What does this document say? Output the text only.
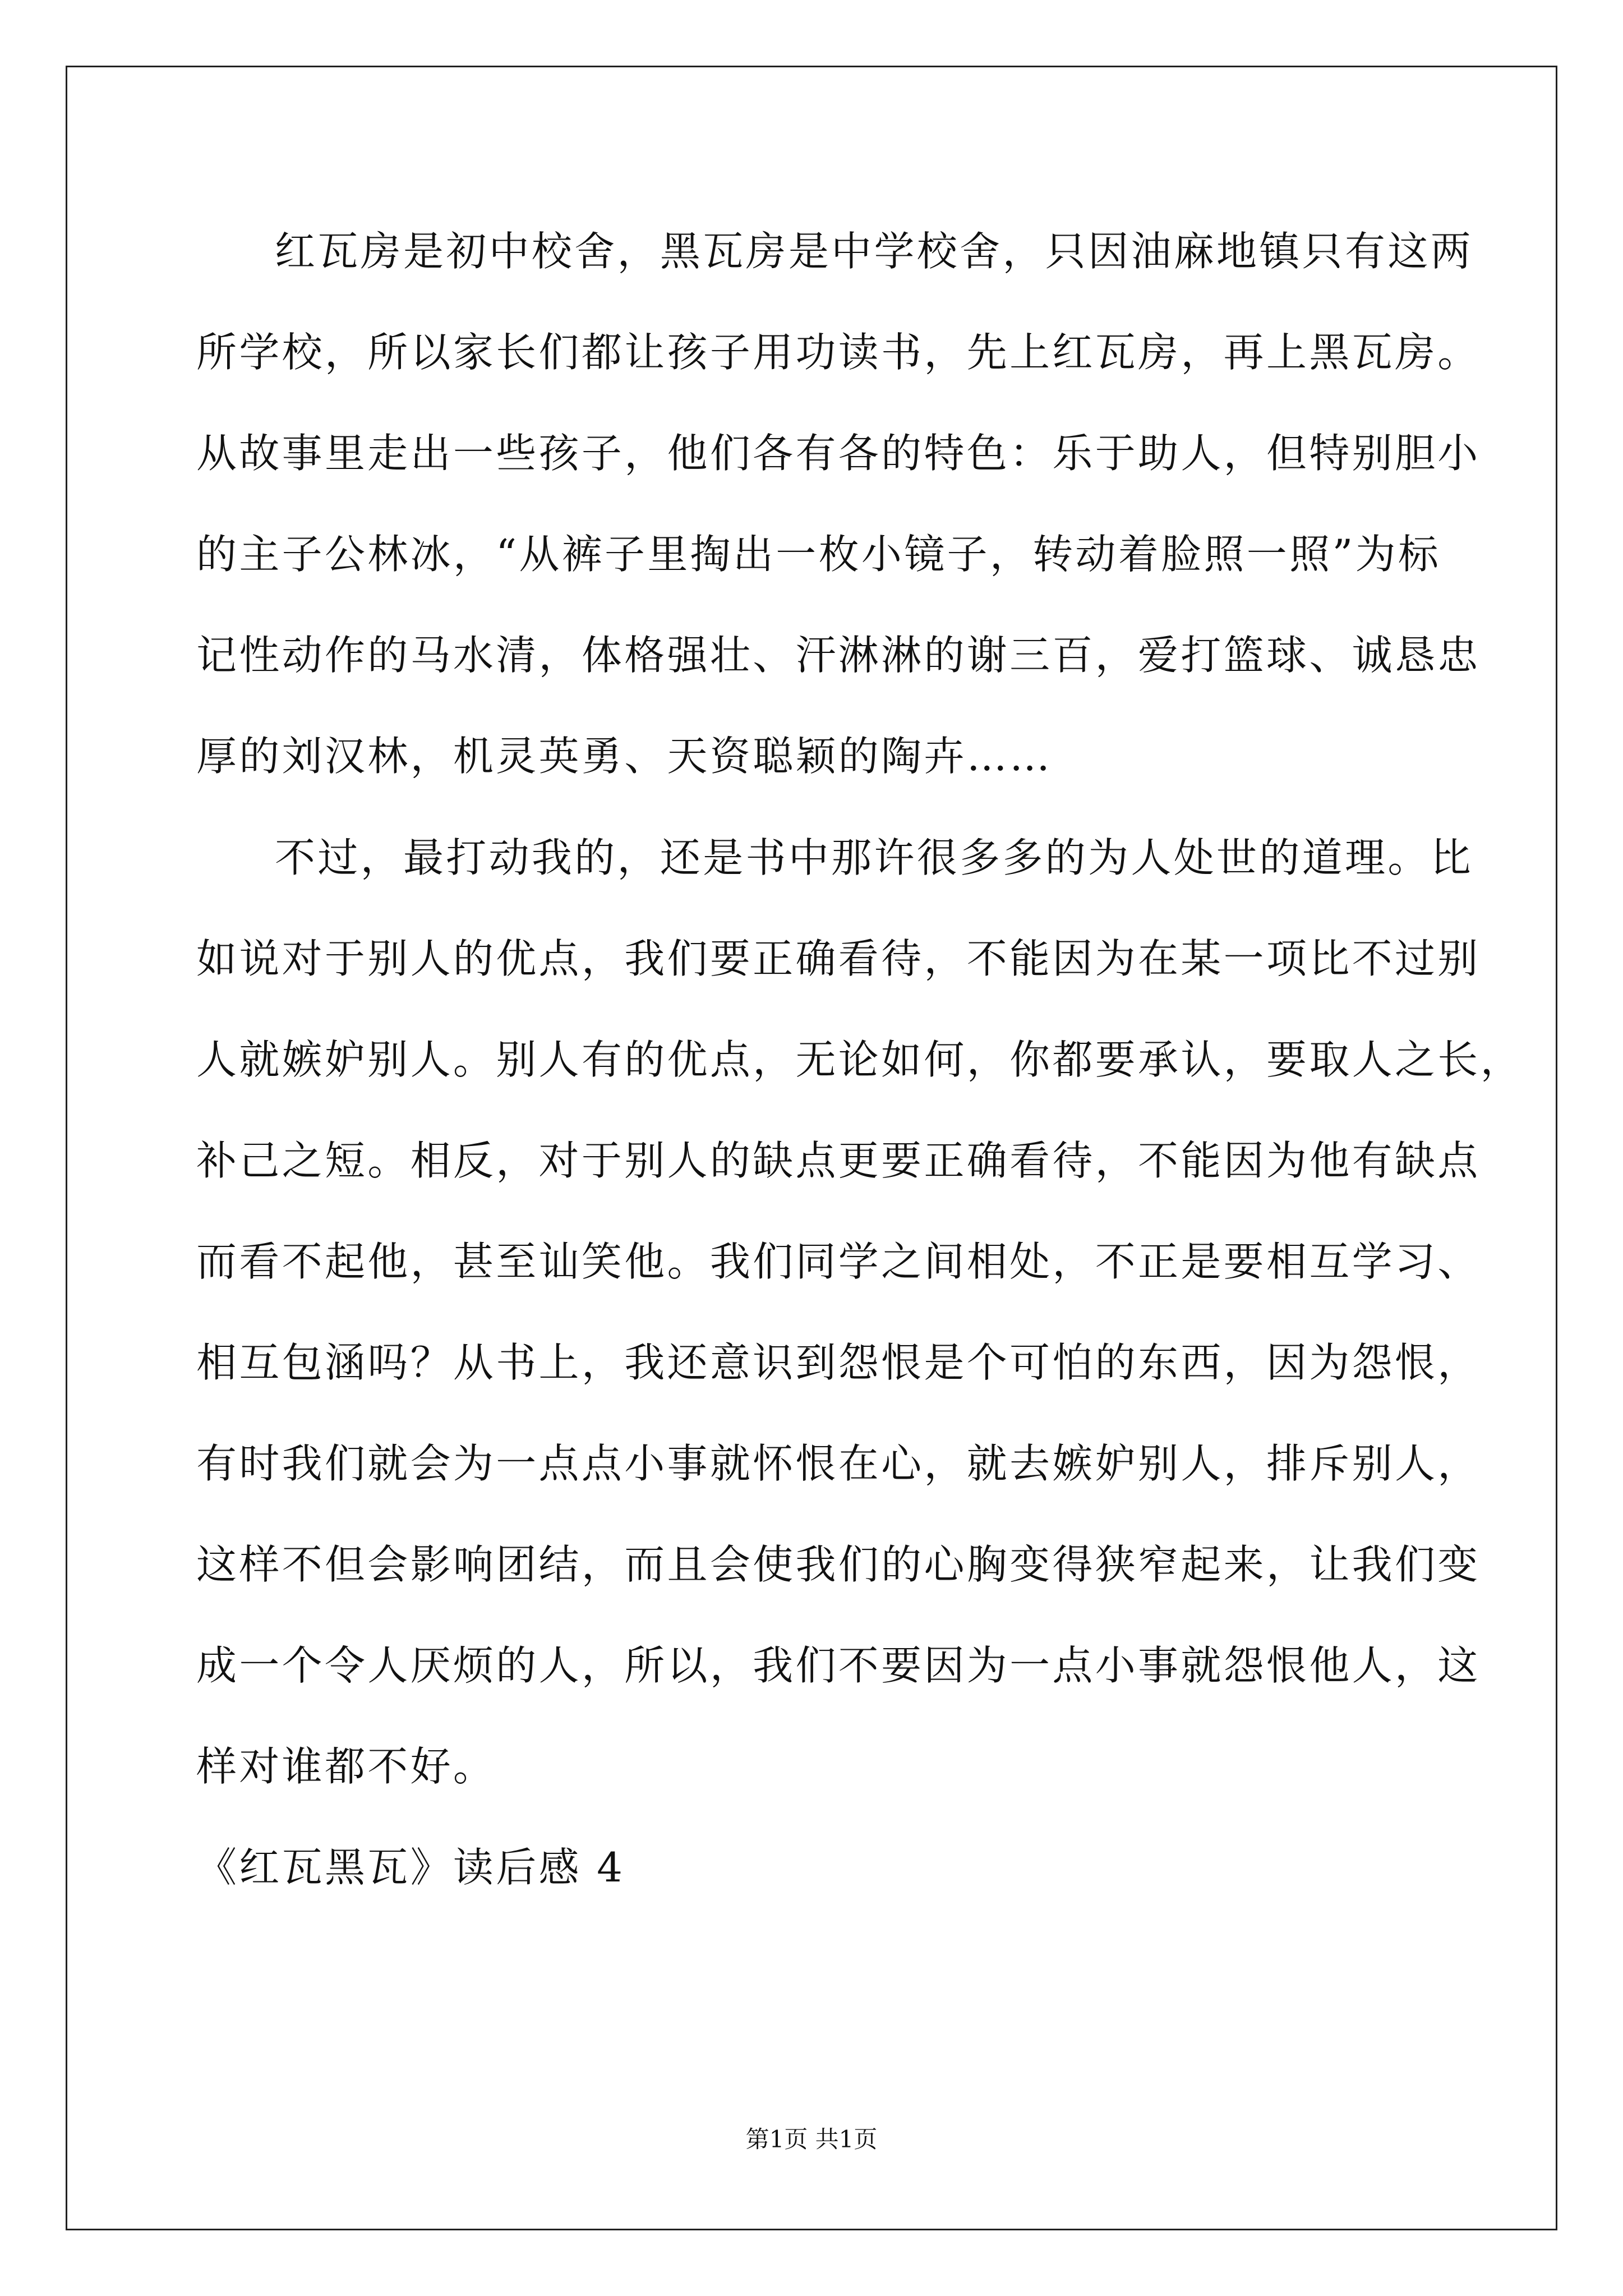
红瓦房是初中校舍，黑瓦房是中学校舍，只因油麻地镇只有这两
所学校，所以家长们都让孩子用功读书，先上红瓦房，再上黑瓦房。
从故事里走出一些孩子，他们各有各的特色：乐于助人，但特别胆小
的主子公林冰，“从裤子里掏出一枚小镜子，转动着脸照一照”为标
记性动作的马水清，体格强壮、汗淋淋的谢三百，爱打篮球、诚恳忠
厚的刘汉林，机灵英勇、天资聪颖的陶卉……
不过，最打动我的，还是书中那许很多多的为人处世的道理。比
如说对于别人的优点，我们要正确看待，不能因为在某一项比不过别
人就嫉妒别人。别人有的优点，无论如何，你都要承认，要取人之长，
补己之短。相反，对于别人的缺点更要正确看待，不能因为他有缺点
而看不起他，甚至讪笑他。我们同学之间相处，不正是要相互学习、
相互包涵吗？从书上，我还意识到怨恨是个可怕的东西，因为怨恨，
有时我们就会为一点点小事就怀恨在心，就去嫉妒别人，排斥别人，
这样不但会影响团结，而且会使我们的心胸变得狭窄起来，让我们变
成一个令人厌烦的人，所以，我们不要因为一点小事就怨恨他人，这
样对谁都不好。
《红瓦黑瓦》读后感 4
第1页 共1页
